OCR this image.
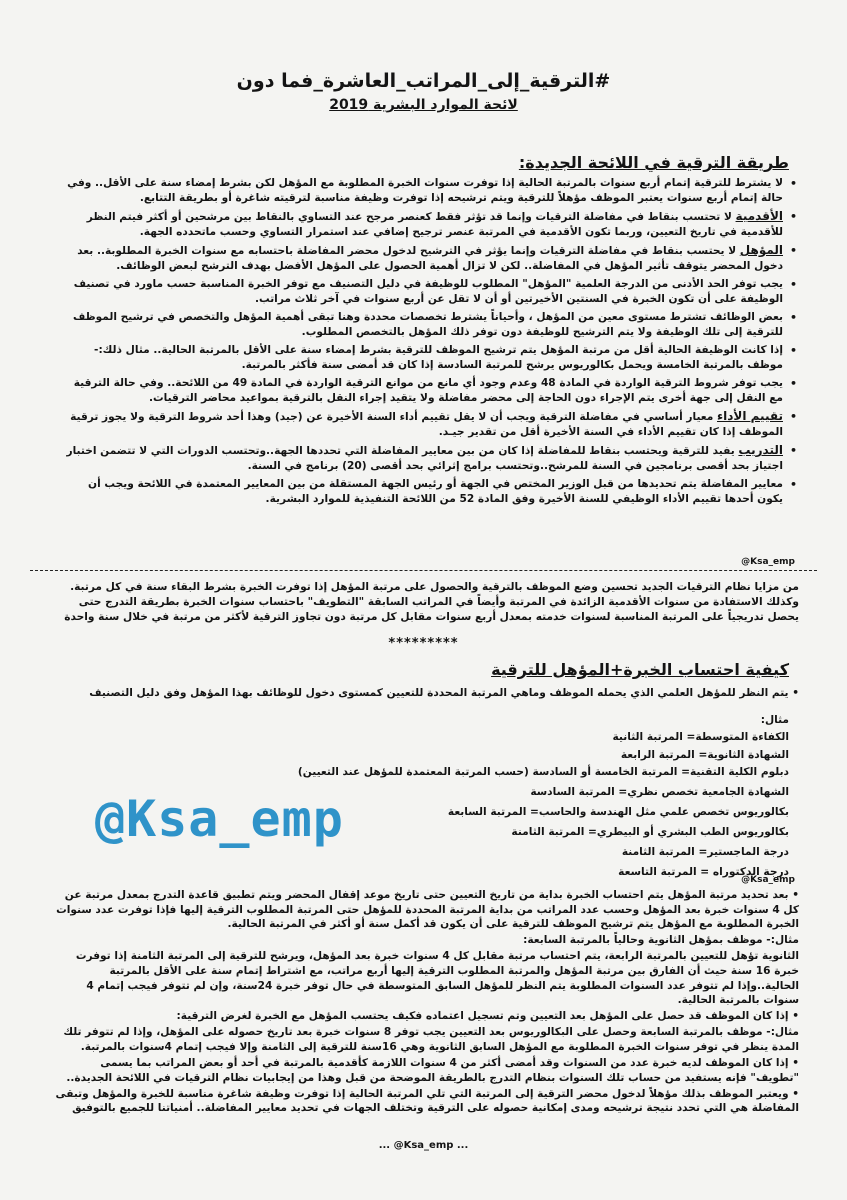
#الترقية_إلى_المراتب_العاشرة_فما دون
لائحة الموارد البشرية 2019
طريقة الترقية في اللائحة الجديدة:
• لا يشترط للترقية إتمام أربع سنوات بالمرتبة الحالية إذا توفرت سنوات الخبرة المطلوبة مع المؤهل لكن بشرط إمضاء سنة على الأقل.. وفي حالة إتمام أربع سنوات يعتبر الموظف مؤهلاً للترقية ويتم ترشيحه إذا توفرت وظيفة مناسبة لترقيته شاغرة أو بطريقة التتابع.
• الأقدمية لا تحتسب بنقاط في مفاضلة الترقيات وإنما قد تؤثر فقط كعنصر مرجح عند التساوي بالنقاط بين مرشحين أو أكثر فيتم النظر للأقدمية في تاريخ التعيين، وربما تكون الأقدمية في المرتبة عنصر ترجيح إضافي عند استمرار التساوي وحسب ماتحدده الجهة.
• المؤهل لا يحتسب بنقاط في مفاضلة الترقيات وإنما يؤثر في الترشيح لدخول محضر المفاضلة باحتسابه مع سنوات الخبرة المطلوبة.. بعد دخول المحضر يتوقف تأثير المؤهل في المفاضلة.. لكن لا تزال أهمية الحصول على المؤهل الأفضل بهدف الترشح لبعض الوظائف.
• يجب توفر الحد الأدنى من الدرجة العلمية "المؤهل" المطلوب للوظيفة في دليل التصنيف مع توفر الخبرة المناسبة حسب ماورد في تصنيف الوظيفة على أن تكون الخبرة في السنتين الأخيرتين أو أن لا تقل عن أربع سنوات في آخر ثلاث مراتب.
• بعض الوظائف تشترط مستوى معين من المؤهل ، وأحياناً يشترط تخصصات محددة وهنا تبقى أهمية المؤهل والتخصص في ترشيح الموظف للترقية إلى تلك الوظيفة ولا يتم الترشيح للوظيفة دون توفر ذلك المؤهل بالتخصص المطلوب.
• إذا كانت الوظيفة الحالية أقل من مرتبة المؤهل يتم ترشيح الموظف للترقية بشرط إمضاء سنة على الأقل بالمرتبة الحالية.. مثال ذلك:- موظف بالمرتبة الخامسة ويحمل بكالوريوس يرشح للمرتبة السادسة إذا كان قد أمضى سنة فأكثر بالمرتبة.
• يجب توفر شروط الترقية الواردة في المادة 48 وعدم وجود أي مانع من موانع الترقية الواردة في المادة 49 من اللائحة.. وفي حالة الترقية مع النقل إلى جهة أخرى يتم الإجراء دون الحاجة إلى محضر مفاضلة ولا يتقيد إجراء النقل بالترقية بمواعيد محاضر الترقيات.
• تقييم الأداء معيار أساسي في مفاضلة الترقية ويجب أن لا يقل تقييم أداء السنة الأخيرة عن (جيد) وهذا أحد شروط الترقية ولا يجوز ترقية الموظف إذا كان تقييم الأداء في السنة الأخيرة أقل من تقدير جيـد.
• التدريب يفيد للترقية ويحتسب بنقاط للمفاضلة إذا كان من بين معايير المفاضلة التي تحددها الجهة..وتحتسب الدورات التي لا تتضمن اختبار اجتياز بحد أقصى برنامجين في السنة للمرشح..وتحتسب برامج إثرائي بحد أقصى (20) برنامج في السنة.
• معايير المفاضلة يتم تحديدها من قبل الوزير المختص في الجهة أو رئيس الجهة المستقلة من بين المعايير المعتمدة في اللائحة ويجب أن يكون أحدها تقييم الأداء الوظيفي للسنة الأخيرة وفق المادة 52 من اللائحة التنفيذية للموارد البشرية.
@Ksa_emp
من مزايا نظام الترقيات الجديد تحسين وضع الموظف بالترقية والحصول على مرتبة المؤهل إذا توفرت الخبرة بشرط البقاء سنة في كل مرتبة. وكذلك الاستفادة من سنوات الأقدمية الزائدة في المرتبة وأيضاً في المراتب السابقة "التطويف" باحتساب سنوات الخبرة بطريقة التدرج حتى يحصل تدريجياً على المرتبة المناسبة لسنوات خدمته بمعدل أربع سنوات مقابل كل مرتبة دون تجاوز الترقية لأكثر من مرتبة في خلال سنة واحدة
*********
كيفية احتساب الخبرة+المؤهل للترقية

• يتم النظر للمؤهل العلمي الذي يحمله الموظف وماهي المرتبة المحددة للتعيين كمستوى دخول للوظائف بهذا المؤهل وفق دليل التصنيف

مثال:
الكفاءة المتوسطة= المرتبة الثانية
الشهادة الثانوية= المرتبة الرابعة
دبلوم الكلية التقنية= المرتبة الخامسة أو السادسة (حسب المرتبة المعتمدة للمؤهل عند التعيين)
الشهادة الجامعية تخصص نظري= المرتبة السادسة
بكالوريوس تخصص علمي مثل الهندسة والحاسب= المرتبة السابعة
بكالوريوس الطب البشري أو البيطري= المرتبة الثامنة
درجة الماجستير= المرتبة الثامنة
درجة الدكتوراه = المرتبة التاسعة
@Ksa_emp
@Ksa_emp

• بعد تحديد مرتبة المؤهل يتم احتساب الخبرة بداية من تاريخ التعيين حتى تاريخ موعد إقفال المحضر ويتم تطبيق قاعدة التدرج بمعدل مرتبة عن كل 4 سنوات خبرة بعد المؤهل وحسب عدد المراتب من بداية المرتبة المحددة للمؤهل حتى المرتبة المطلوب الترقية إليها فإذا توفرت عدد سنوات الخبرة المطلوبة مع المؤهل يتم ترشيح الموظف للترقية على أن يكون قد أكمل سنة أو أكثر في المرتبة الحالية.

مثال:- موظف بمؤهل الثانوية وحالياً بالمرتبة السابعة:

الثانوية تؤهل للتعيين بالمرتبة الرابعة، يتم احتساب مرتبة مقابل كل 4 سنوات خبرة بعد المؤهل، ويرشح للترقية إلى المرتبة الثامنة إذا توفرت خبرة 16 سنة حيث أن الفارق بين مرتبة المؤهل والمرتبة المطلوب الترقية إليها أربع مراتب، مع اشتراط إتمام سنة على الأقل بالمرتبة الحالية..وإذا لم تتوفر عدد السنوات المطلوبة يتم النظر للمؤهل السابق المتوسطة في حال توفر خبرة 24سنة، وإن لم تتوفر فيجب إتمام 4 سنوات بالمرتبة الحالية.

• إذا كان الموظف قد حصل على المؤهل بعد التعيين وتم تسجيل اعتماده فكيف يحتسب المؤهل مع الخبرة لغرض الترقية:

مثال:- موظف بالمرتبة السابعة وحصل على البكالوريوس بعد التعيين يجب توفر 8 سنوات خبرة بعد تاريخ حصوله على المؤهل، وإذا لم تتوفر تلك المدة ينظر في توفر سنوات الخبرة المطلوبة مع المؤهل السابق الثانوية وهي 16سنة للترقية إلى الثامنة وإلا فيجب إتمام 4سنوات بالمرتبة.

• إذا كان الموظف لديه خبرة عدد من السنوات وقد أمضى أكثر من 4 سنوات اللازمة كأقدمية بالمرتبة في أحد أو بعض المراتب بما يسمى "تطويف" فإنه يستفيد من حساب تلك السنوات بنظام التدرج بالطريقة الموضحة من قبل وهذا من إيجابيات نظام الترقيات في اللائحة الجديدة..

• ويعتبر الموظف بذلك مؤهلاً لدخول محضر الترقية إلى المرتبة التي تلي المرتبة الحالية إذا توفرت وظيفة شاغرة مناسبة للخبرة والمؤهل وتبقى المفاضلة هي التي تحدد نتيجة ترشيحه ومدى إمكانية حصوله على الترقية وتختلف الجهات في تحديد معايير المفاضلة.. أمنياتنا للجميع بالتوفيق

... @Ksa_emp ...
